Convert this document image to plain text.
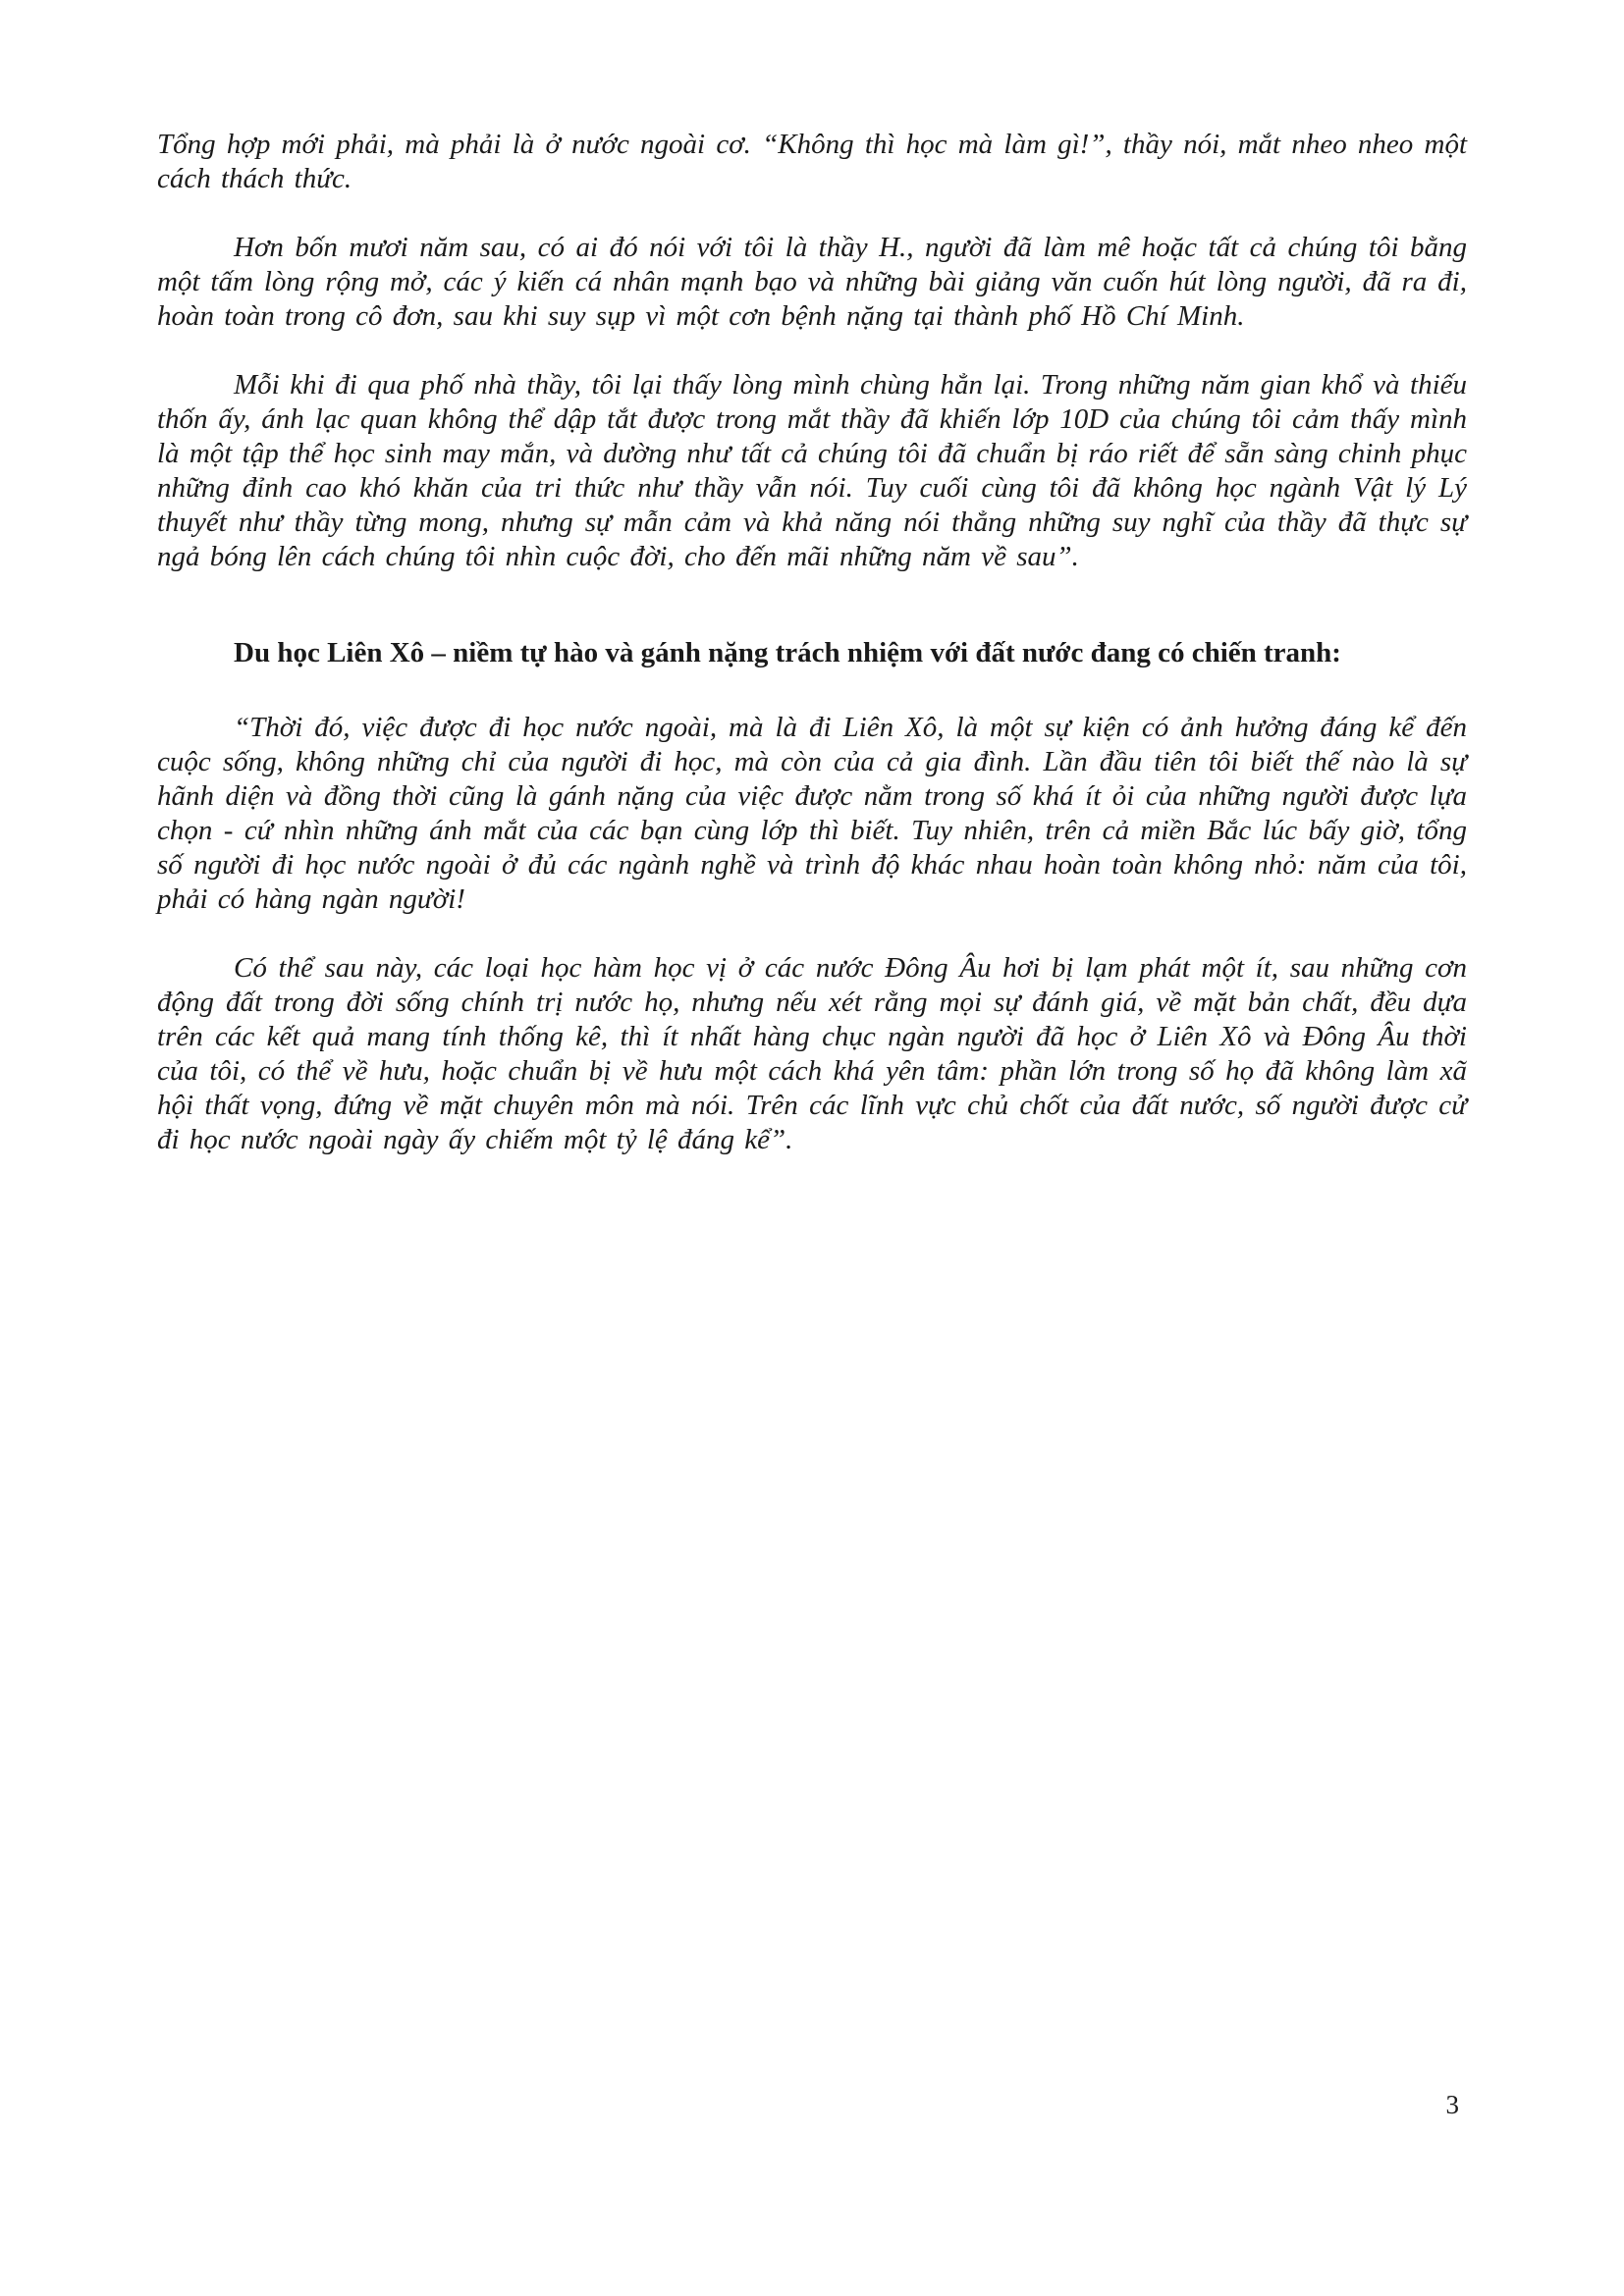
Tổng hợp mới phải, mà phải là ở nước ngoài cơ. “Không thì học mà làm gì!”, thầy nói, mắt nheo nheo một cách thách thức.

Hơn bốn mươi năm sau, có ai đó nói với tôi là thầy H., người đã làm mê hoặc tất cả chúng tôi bằng một tấm lòng rộng mở, các ý kiến cá nhân mạnh bạo và những bài giảng văn cuốn hút lòng người, đã ra đi, hoàn toàn trong cô đơn, sau khi suy sụp vì một cơn bệnh nặng tại thành phố Hồ Chí Minh.

Mỗi khi đi qua phố nhà thầy, tôi lại thấy lòng mình chùng hẳn lại. Trong những năm gian khổ và thiếu thốn ấy, ánh lạc quan không thể dập tắt được trong mắt thầy đã khiến lớp 10D của chúng tôi cảm thấy mình là một tập thể học sinh may mắn, và dường như tất cả chúng tôi đã chuẩn bị ráo riết để sẵn sàng chinh phục những đỉnh cao khó khăn của tri thức như thầy vẫn nói. Tuy cuối cùng tôi đã không học ngành Vật lý Lý thuyết như thầy từng mong, nhưng sự mẫn cảm và khả năng nói thẳng những suy nghĩ của thầy đã thực sự ngả bóng lên cách chúng tôi nhìn cuộc đời, cho đến mãi những năm về sau”.

Du học Liên Xô – niềm tự hào và gánh nặng trách nhiệm với đất nước đang có chiến tranh:

“Thời đó, việc được đi học nước ngoài, mà là đi Liên Xô, là một sự kiện có ảnh hưởng đáng kể đến cuộc sống, không những chỉ của người đi học, mà còn của cả gia đình. Lần đầu tiên tôi biết thế nào là sự hãnh diện và đồng thời cũng là gánh nặng của việc được nằm trong số khá ít ỏi của những người được lựa chọn - cứ nhìn những ánh mắt của các bạn cùng lớp thì biết. Tuy nhiên, trên cả miền Bắc lúc bấy giờ, tổng số người đi học nước ngoài ở đủ các ngành nghề và trình độ khác nhau hoàn toàn không nhỏ: năm của tôi, phải có hàng ngàn người!

Có thể sau này, các loại học hàm học vị ở các nước Đông Âu hơi bị lạm phát một ít, sau những cơn động đất trong đời sống chính trị nước họ, nhưng nếu xét rằng mọi sự đánh giá, về mặt bản chất, đều dựa trên các kết quả mang tính thống kê, thì ít nhất hàng chục ngàn người đã học ở Liên Xô và Đông Âu thời của tôi, có thể về hưu, hoặc chuẩn bị về hưu một cách khá yên tâm: phần lớn trong số họ đã không làm xã hội thất vọng, đứng về mặt chuyên môn mà nói. Trên các lĩnh vực chủ chốt của đất nước, số người được cử đi học nước ngoài ngày ấy chiếm một tỷ lệ đáng kể”.

3
